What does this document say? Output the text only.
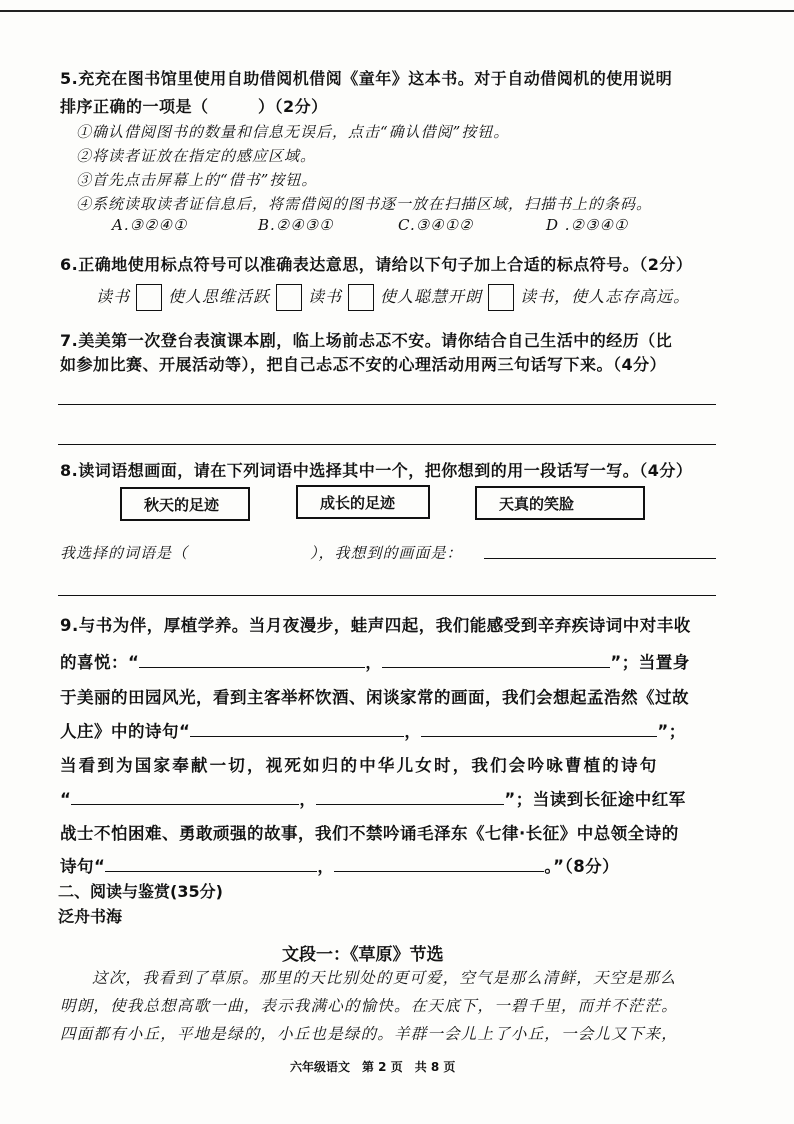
5.充充在图书馆里使用自助借阅机借阅《童年》这本书。对于自动借阅机的使用说明
排序正确的一项是（　　　）（2分）
①确认借阅图书的数量和信息无误后，点击“确认借阅”按钮。
②将读者证放在指定的感应区域。
③首先点击屏幕上的“借书”按钮。
④系统读取读者证信息后，将需借阅的图书逐一放在扫描区域，扫描书上的条码。
A.③②④①	B.②④③①	C.③④①②	D .②③④①
6.正确地使用标点符号可以准确表达意思，请给以下句子加上合适的标点符号。（2分）
读书 使人思维活跃 读书 使人聪慧开朗 读书，使人志存高远。
7.美美第一次登台表演课本剧，临上场前忐忑不安。请你结合自己生活中的经历（比
如参加比赛、开展活动等），把自己忐忑不安的心理活动用两三句话写下来。（4分）
8.读词语想画面，请在下列词语中选择其中一个，把你想到的用一段话写一写。（4分）
秋天的足迹	成长的足迹	天真的笑脸
我选择的词语是（	），我想到的画面是：
9.与书为伴，厚植学养。当月夜漫步，蛙声四起，我们能感受到辛弃疾诗词中对丰收
的喜悦：“	，	”；当置身
于美丽的田园风光，看到主客举杯饮酒、闲谈家常的画面，我们会想起孟浩然《过故
人庄》中的诗句“	，	”；
当看到为国家奉献一切，视死如归的中华儿女时，我们会吟咏曹植的诗句
“	，	”；当读到长征途中红军
战士不怕困难、勇敢顽强的故事，我们不禁吟诵毛泽东《七律·长征》中总领全诗的
诗句“	，	。”（8分）
二、阅读与鉴赏(35分)
泛舟书海
文段一：《草原》节选
这次，我看到了草原。那里的天比别处的更可爱，空气是那么清鲜，天空是那么
明朗，使我总想高歌一曲，表示我满心的愉快。在天底下，一碧千里，而并不茫茫。
四面都有小丘，平地是绿的，小丘也是绿的。羊群一会儿上了小丘，一会儿又下来，
六年级语文　第 2 页　共 8 页
